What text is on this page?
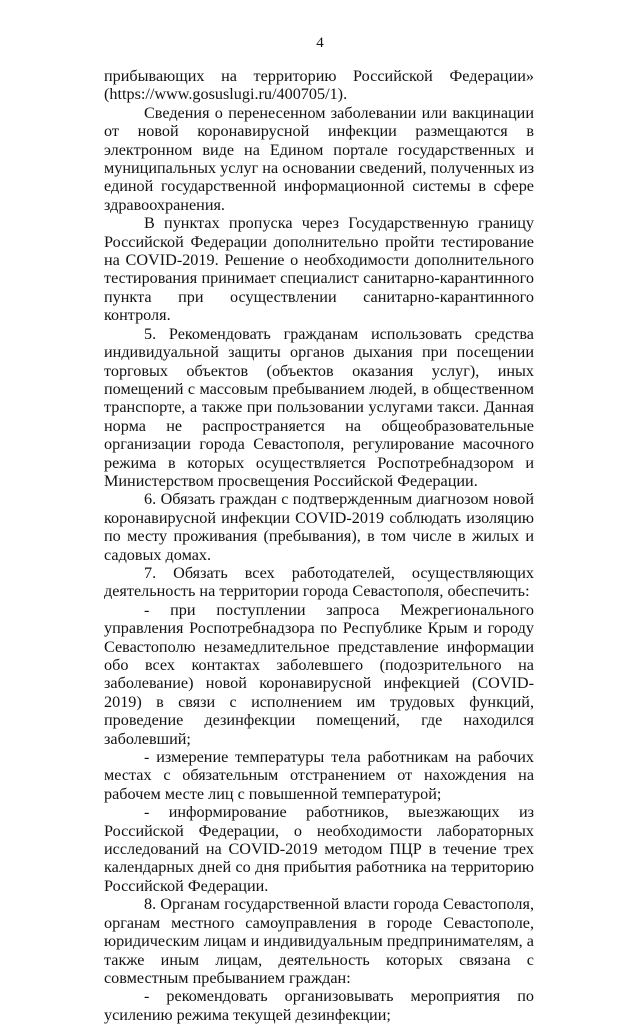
4

прибывающих на территорию Российской Федерации» (https://www.gosuslugi.ru/400705/1).

Сведения о перенесенном заболевании или вакцинации от новой коронавирусной инфекции размещаются в электронном виде на Едином портале государственных и муниципальных услуг на основании сведений, полученных из единой государственной информационной системы в сфере здравоохранения.

В пунктах пропуска через Государственную границу Российской Федерации дополнительно пройти тестирование на COVID-2019. Решение о необходимости дополнительного тестирования принимает специалист санитарно-карантинного пункта при осуществлении санитарно-карантинного контроля.

5. Рекомендовать гражданам использовать средства индивидуальной защиты органов дыхания при посещении торговых объектов (объектов оказания услуг), иных помещений с массовым пребыванием людей, в общественном транспорте, а также при пользовании услугами такси. Данная норма не распространяется на общеобразовательные организации города Севастополя, регулирование масочного режима в которых осуществляется Роспотребнадзором и Министерством просвещения Российской Федерации.

6. Обязать граждан с подтвержденным диагнозом новой коронавирусной инфекции COVID-2019 соблюдать изоляцию по месту проживания (пребывания), в том числе в жилых и садовых домах.

7. Обязать всех работодателей, осуществляющих деятельность на территории города Севастополя, обеспечить:

- при поступлении запроса Межрегионального управления Роспотребнадзора по Республике Крым и городу Севастополю незамедлительное представление информации обо всех контактах заболевшего (подозрительного на заболевание) новой коронавирусной инфекцией (COVID-2019) в связи с исполнением им трудовых функций, проведение дезинфекции помещений, где находился заболевший;

- измерение температуры тела работникам на рабочих местах с обязательным отстранением от нахождения на рабочем месте лиц с повышенной температурой;

- информирование работников, выезжающих из Российской Федерации, о необходимости лабораторных исследований на COVID-2019 методом ПЦР в течение трех календарных дней со дня прибытия работника на территорию Российской Федерации.

8. Органам государственной власти города Севастополя, органам местного самоуправления в городе Севастополе, юридическим лицам и индивидуальным предпринимателям, а также иным лицам, деятельность которых связана с совместным пребыванием граждан:

- рекомендовать организовывать мероприятия по усилению режима текущей дезинфекции;
